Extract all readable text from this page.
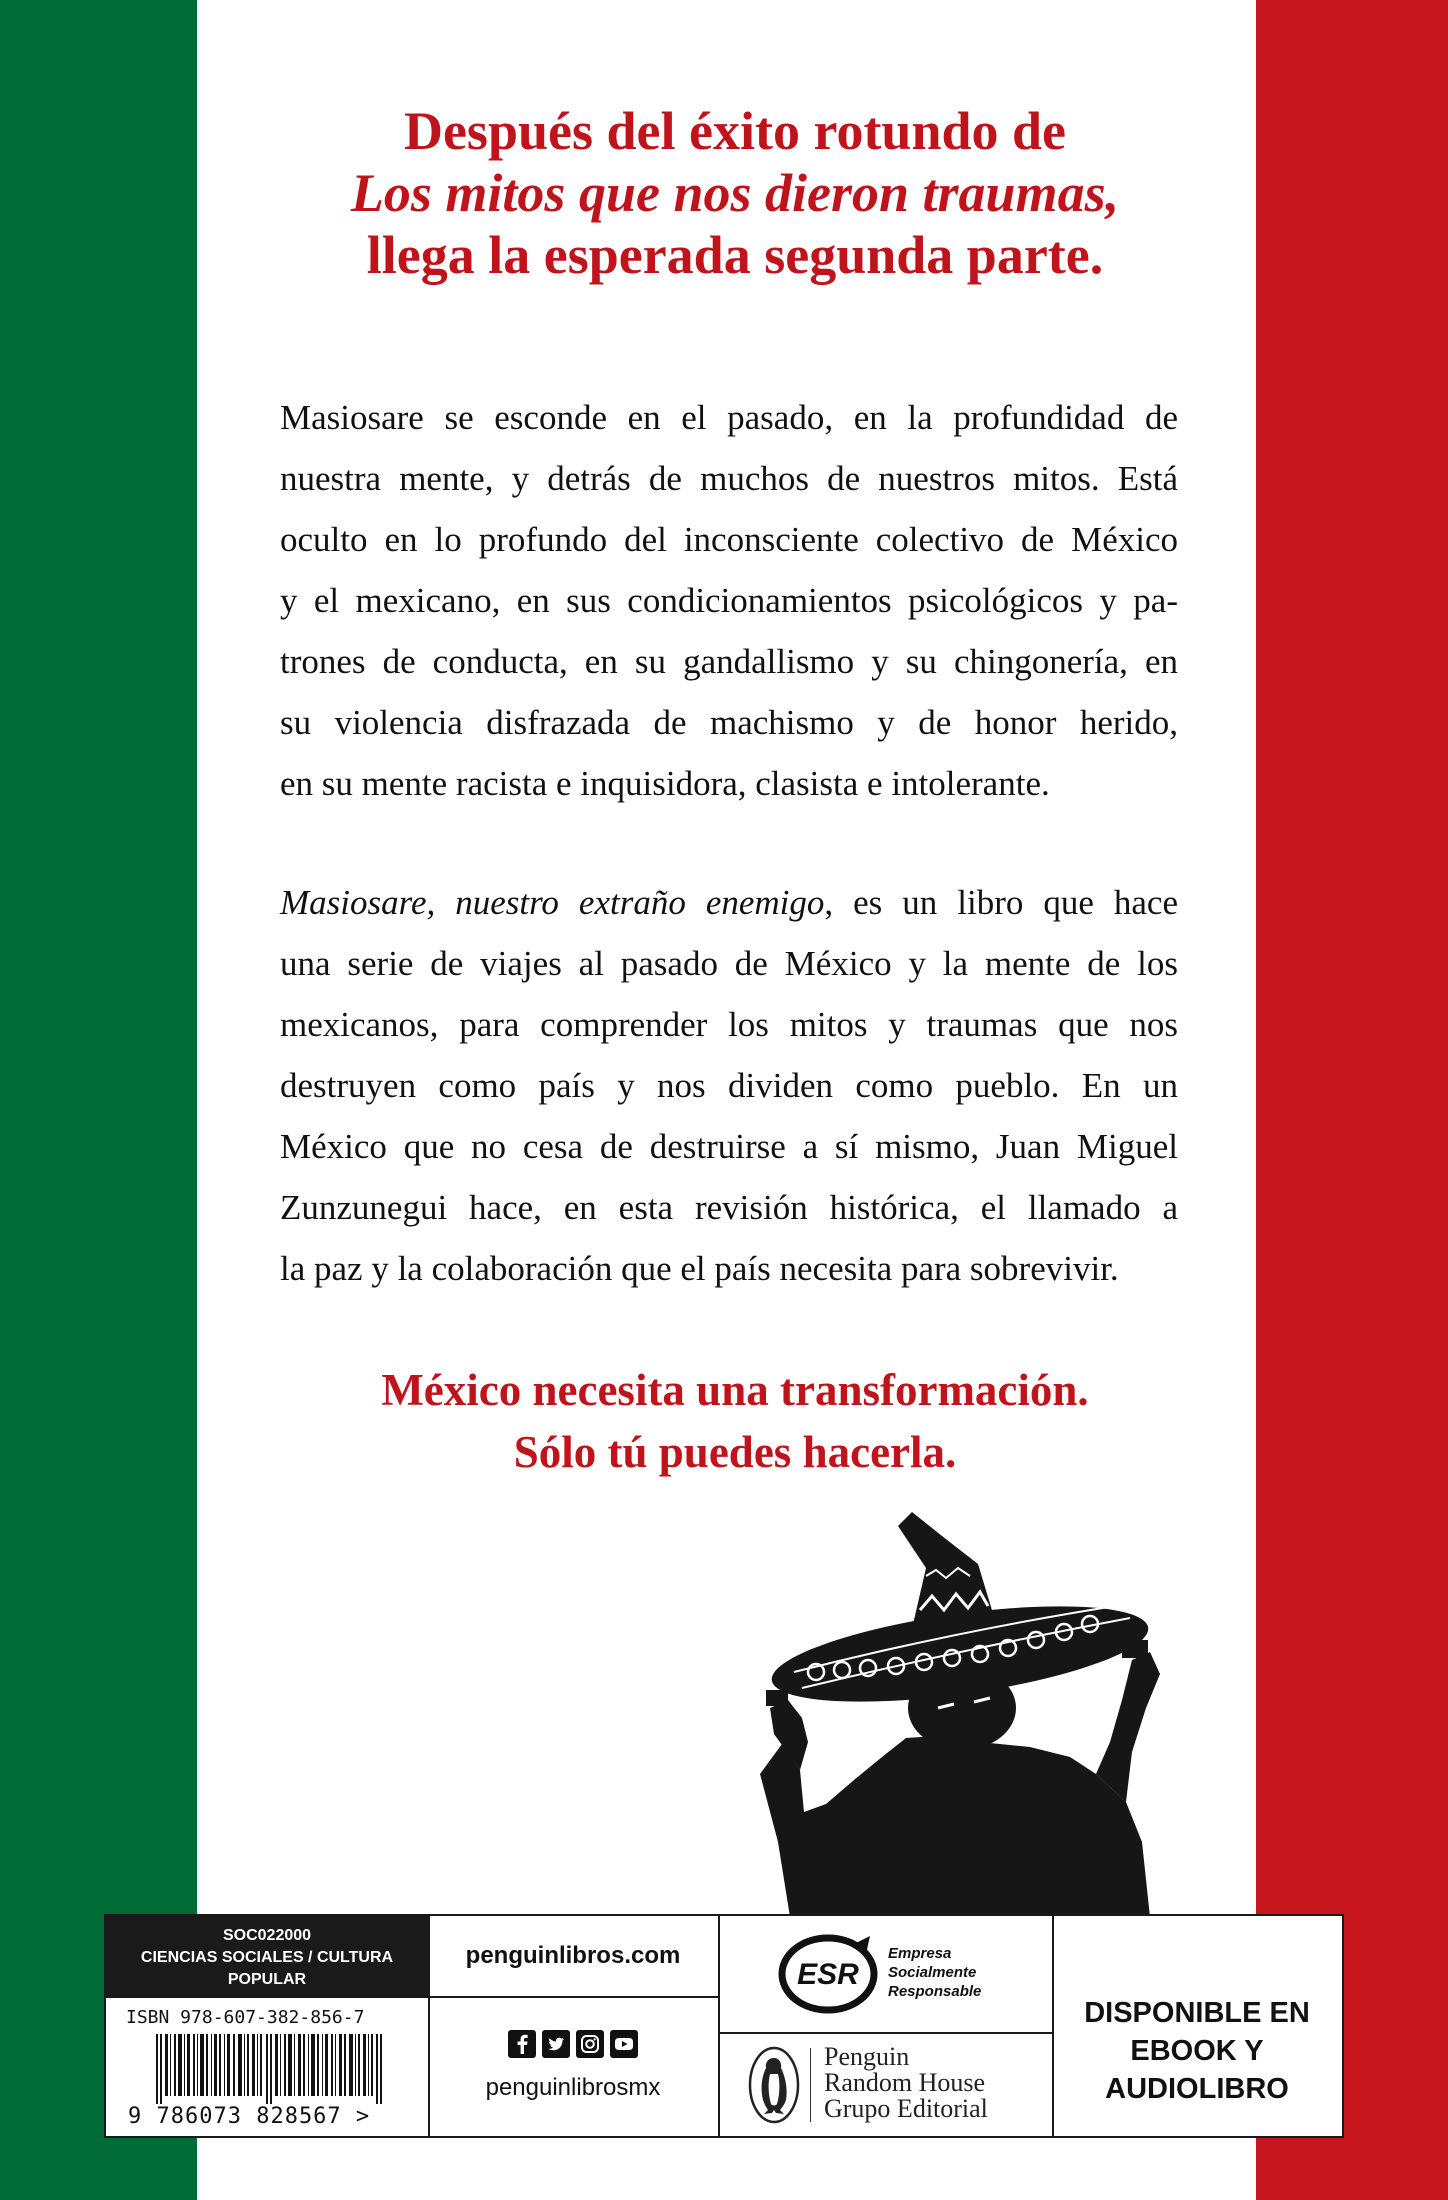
Después del éxito rotundo de
Los mitos que nos dieron traumas,
llega la esperada segunda parte.
Masiosare se esconde en el pasado, en la profundidad de
nuestra mente, y detrás de muchos de nuestros mitos. Está
oculto en lo profundo del inconsciente colectivo de México
y el mexicano, en sus condicionamientos psicológicos y pa-
trones de conducta, en su gandallismo y su chingonería, en
su violencia disfrazada de machismo y de honor herido,
en su mente racista e inquisidora, clasista e intolerante.
Masiosare, nuestro extraño enemigo, es un libro que hace
una serie de viajes al pasado de México y la mente de los
mexicanos, para comprender los mitos y traumas que nos
destruyen como país y nos dividen como pueblo. En un
México que no cesa de destruirse a sí mismo, Juan Miguel
Zunzunegui hace, en esta revisión histórica, el llamado a
la paz y la colaboración que el país necesita para sobrevivir.
México necesita una transformación.
Sólo tú puedes hacerla.
SOC022000
CIENCIAS SOCIALES / CULTURA
POPULAR
ISBN 978-607-382-856-7
9 786073 828567 >
penguinlibros.com
penguinlibrosmx
ESR
Empresa
Socialmente
Responsable
Penguin
Random House
Grupo Editorial
DISPONIBLE EN
EBOOK Y AUDIOLIBRO
